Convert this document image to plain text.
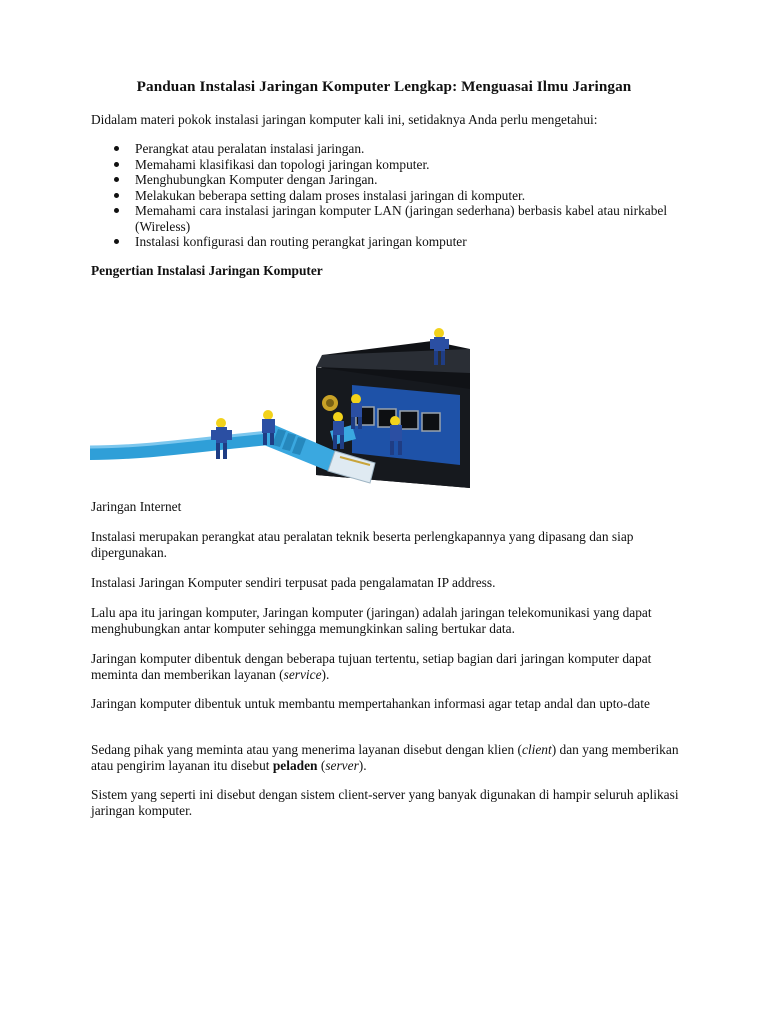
Panduan Instalasi Jaringan Komputer Lengkap: Menguasai Ilmu Jaringan

Didalam materi pokok instalasi jaringan komputer kali ini, setidaknya Anda perlu mengetahui:

Perangkat atau peralatan instalasi jaringan.
Memahami klasifikasi dan topologi jaringan komputer.
Menghubungkan Komputer dengan Jaringan.
Melakukan beberapa setting dalam proses instalasi jaringan di komputer.
Memahami cara instalasi jaringan komputer LAN (jaringan sederhana) berbasis kabel atau nirkabel (Wireless)
Instalasi konfigurasi dan routing perangkat jaringan komputer
Pengertian Instalasi Jaringan Komputer

Jaringan Internet

Instalasi merupakan perangkat atau peralatan teknik beserta perlengkapannya yang dipasang dan siap dipergunakan.

Instalasi Jaringan Komputer sendiri terpusat pada pengalamatan IP address.

Lalu apa itu jaringan komputer, Jaringan komputer (jaringan) adalah jaringan telekomunikasi yang dapat menghubungkan antar komputer sehingga memungkinkan saling bertukar data.

Jaringan komputer dibentuk dengan beberapa tujuan tertentu, setiap bagian dari jaringan komputer dapat meminta dan memberikan layanan (service).

Jaringan komputer dibentuk untuk membantu mempertahankan informasi agar tetap andal dan upto-date

Sedang pihak yang meminta atau yang menerima layanan disebut dengan klien (client) dan yang memberikan atau pengirim layanan itu disebut peladen (server).

Sistem yang seperti ini disebut dengan sistem client-server yang banyak digunakan di hampir seluruh aplikasi jaringan komputer.
